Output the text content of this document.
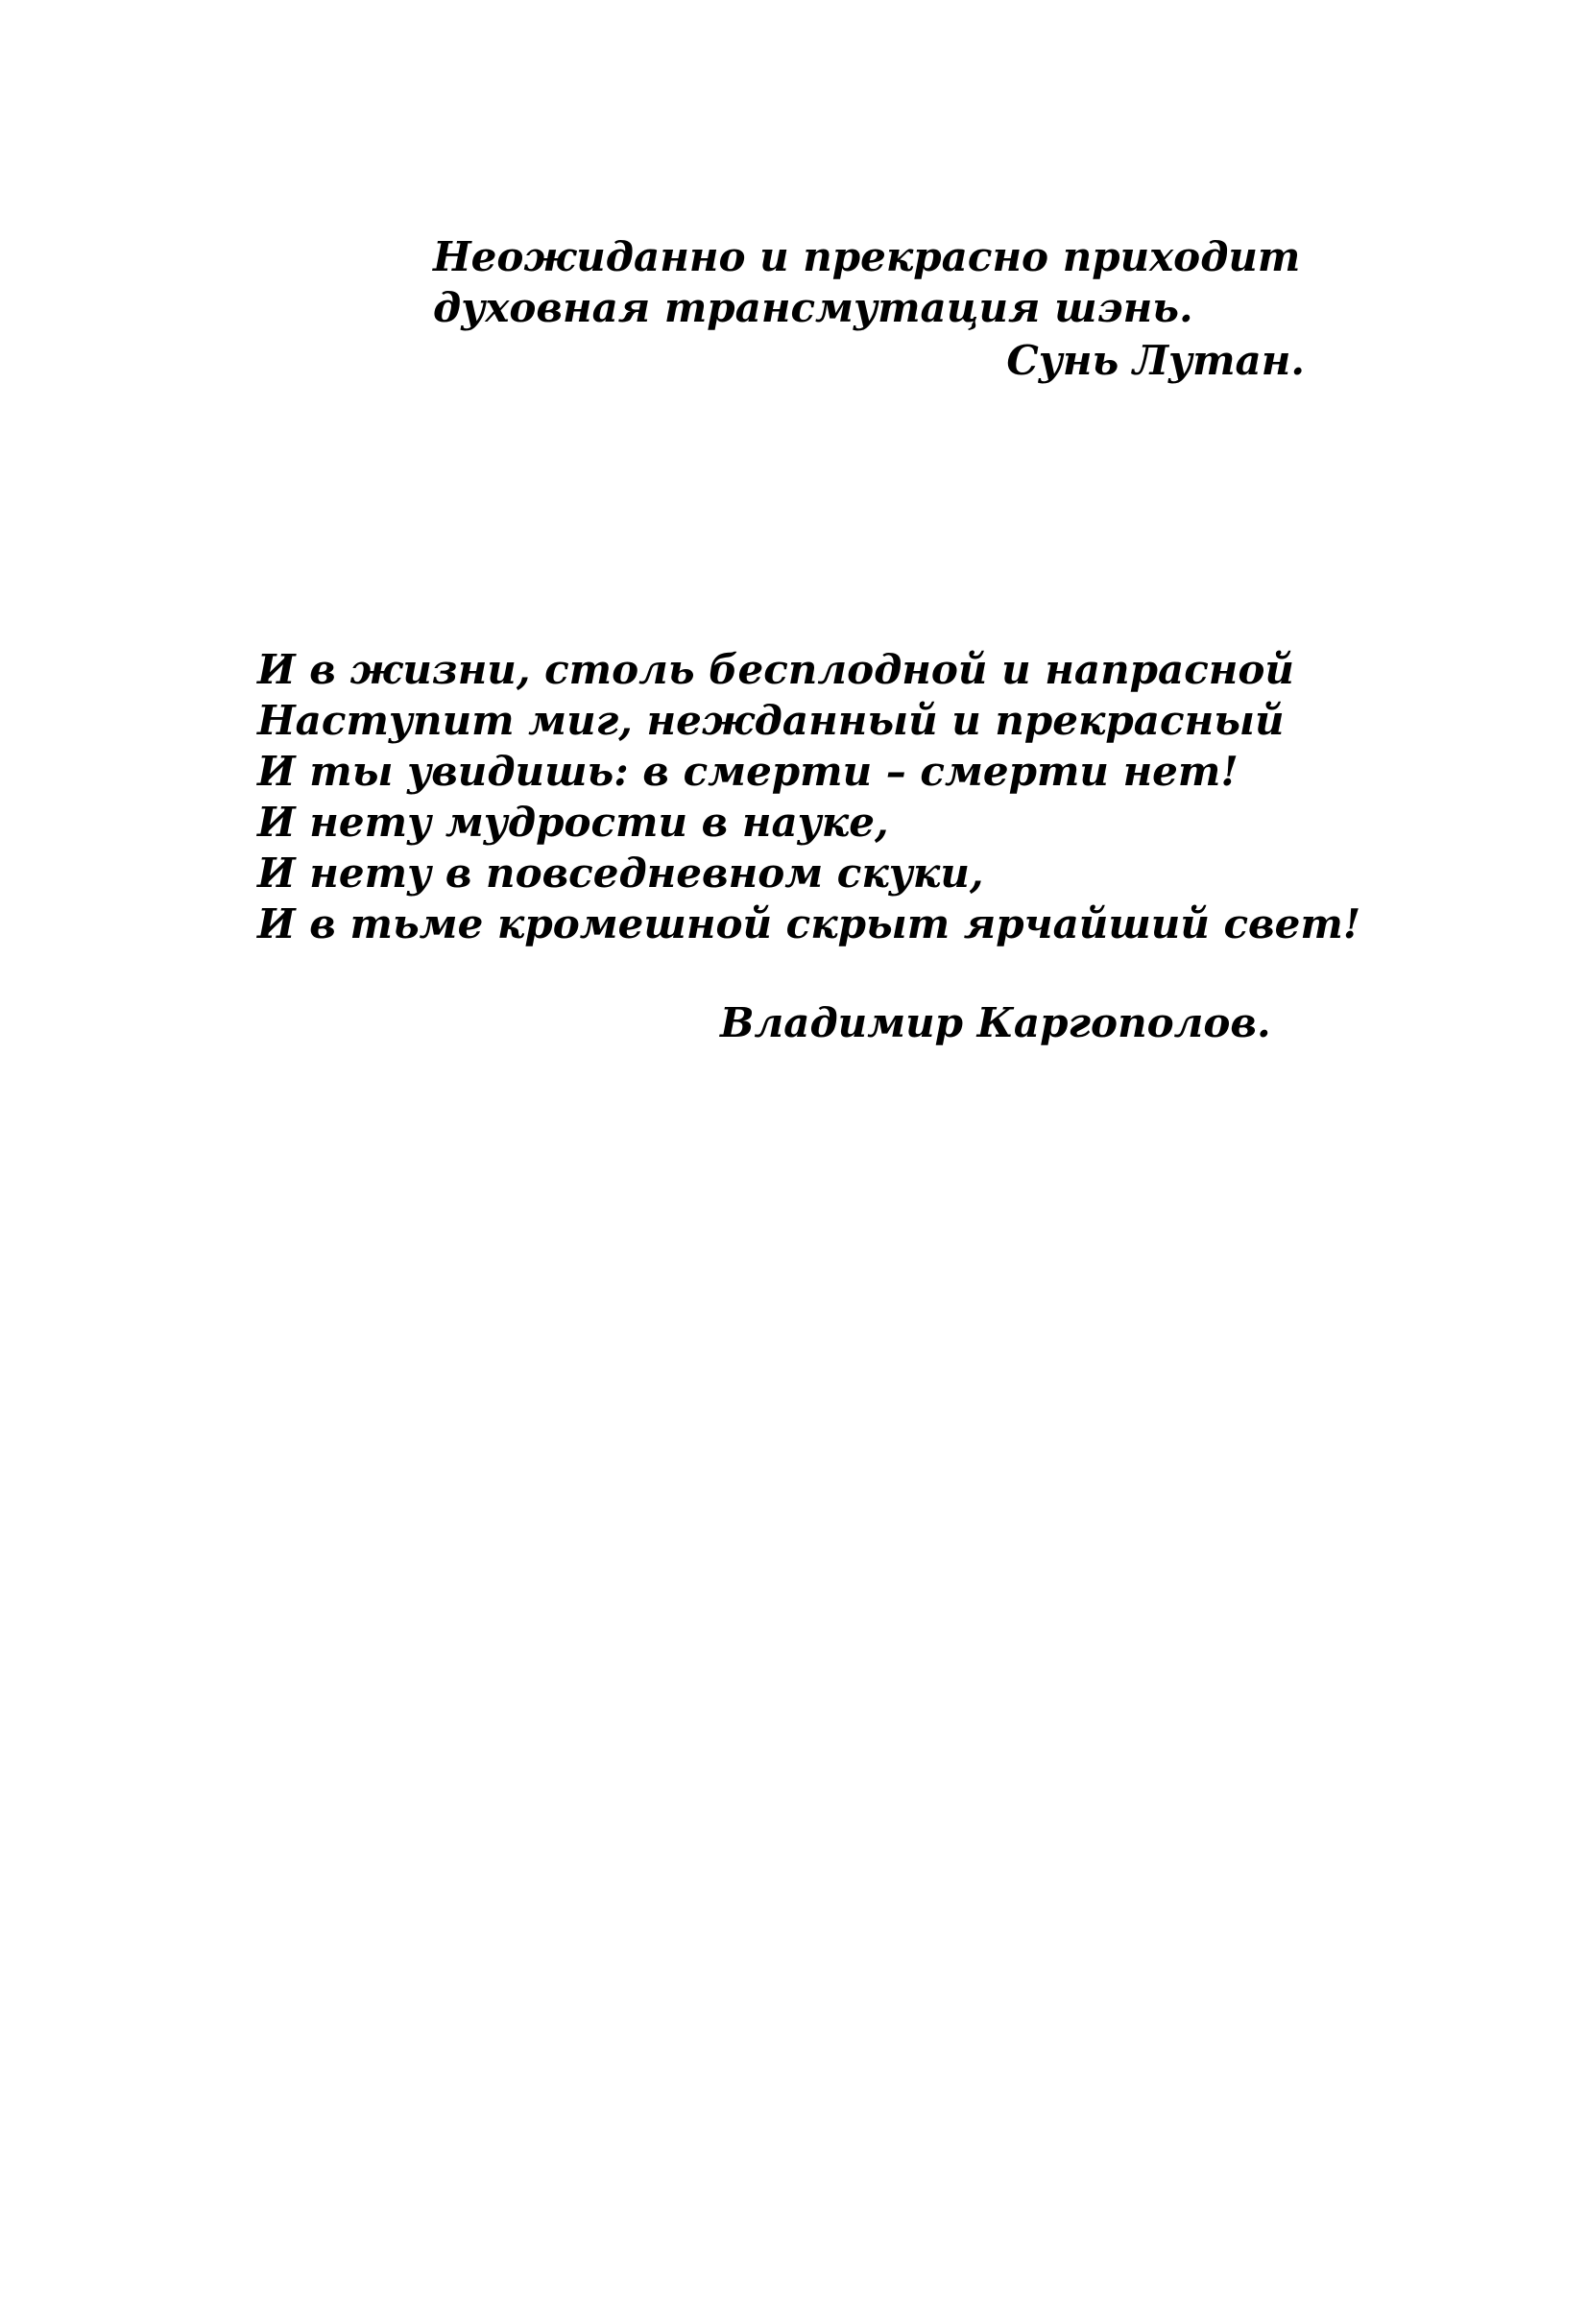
Неожиданно и прекрасно приходит
духовная трансмутация шэнь.
Сунь Лутан.
И в жизни, столь бесплодной и напрасной
Наступит миг, нежданный и прекрасный
И ты увидишь: в смерти – смерти нет!
И нету мудрости в науке,
И нету в повседневном скуки,
И в тьме кромешной скрыт ярчайший свет!
Владимир Каргополов.
